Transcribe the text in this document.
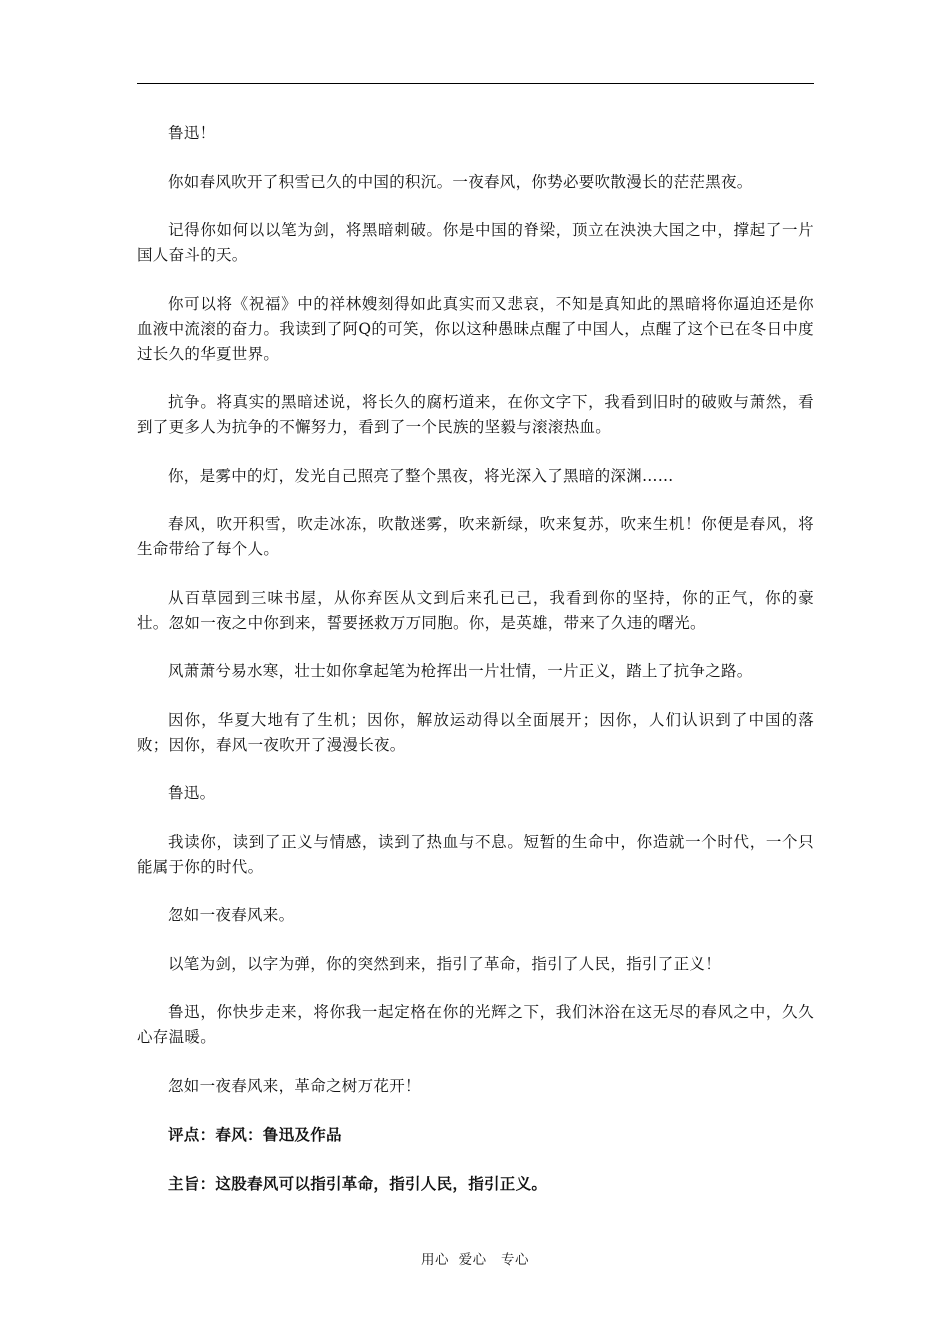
鲁迅！

你如春风吹开了积雪已久的中国的积沉。一夜春风，你势必要吹散漫长的茫茫黑夜。

记得你如何以以笔为剑，将黑暗刺破。你是中国的脊梁，顶立在泱泱大国之中，撑起了一片国人奋斗的天。

你可以将《祝福》中的祥林嫂刻得如此真实而又悲哀，不知是真知此的黑暗将你逼迫还是你血液中流滚的奋力。我读到了阿Q的可笑，你以这种愚昧点醒了中国人，点醒了这个已在冬日中度过长久的华夏世界。

抗争。将真实的黑暗述说，将长久的腐朽道来，在你文字下，我看到旧时的破败与萧然，看到了更多人为抗争的不懈努力，看到了一个民族的坚毅与滚滚热血。

你，是雾中的灯，发光自己照亮了整个黑夜，将光深入了黑暗的深渊……

春风，吹开积雪，吹走冰冻，吹散迷雾，吹来新绿，吹来复苏，吹来生机！你便是春风，将生命带给了每个人。

从百草园到三味书屋，从你弃医从文到后来孔已己，我看到你的坚持，你的正气，你的豪壮。忽如一夜之中你到来，誓要拯救万万同胞。你，是英雄，带来了久违的曙光。

风萧萧兮易水寒，壮士如你拿起笔为枪挥出一片壮情，一片正义，踏上了抗争之路。

因你，华夏大地有了生机；因你，解放运动得以全面展开；因你，人们认识到了中国的落败；因你，春风一夜吹开了漫漫长夜。

鲁迅。

我读你，读到了正义与情感，读到了热血与不息。短暂的生命中，你造就一个时代，一个只能属于你的时代。

忽如一夜春风来。

以笔为剑，以字为弹，你的突然到来，指引了革命，指引了人民，指引了正义！

鲁迅，你快步走来，将你我一起定格在你的光辉之下，我们沐浴在这无尽的春风之中，久久心存温暖。

忽如一夜春风来，革命之树万花开！

评点：春风：鲁迅及作品

主旨：这股春风可以指引革命，指引人民，指引正义。

用心  爱心   专心
